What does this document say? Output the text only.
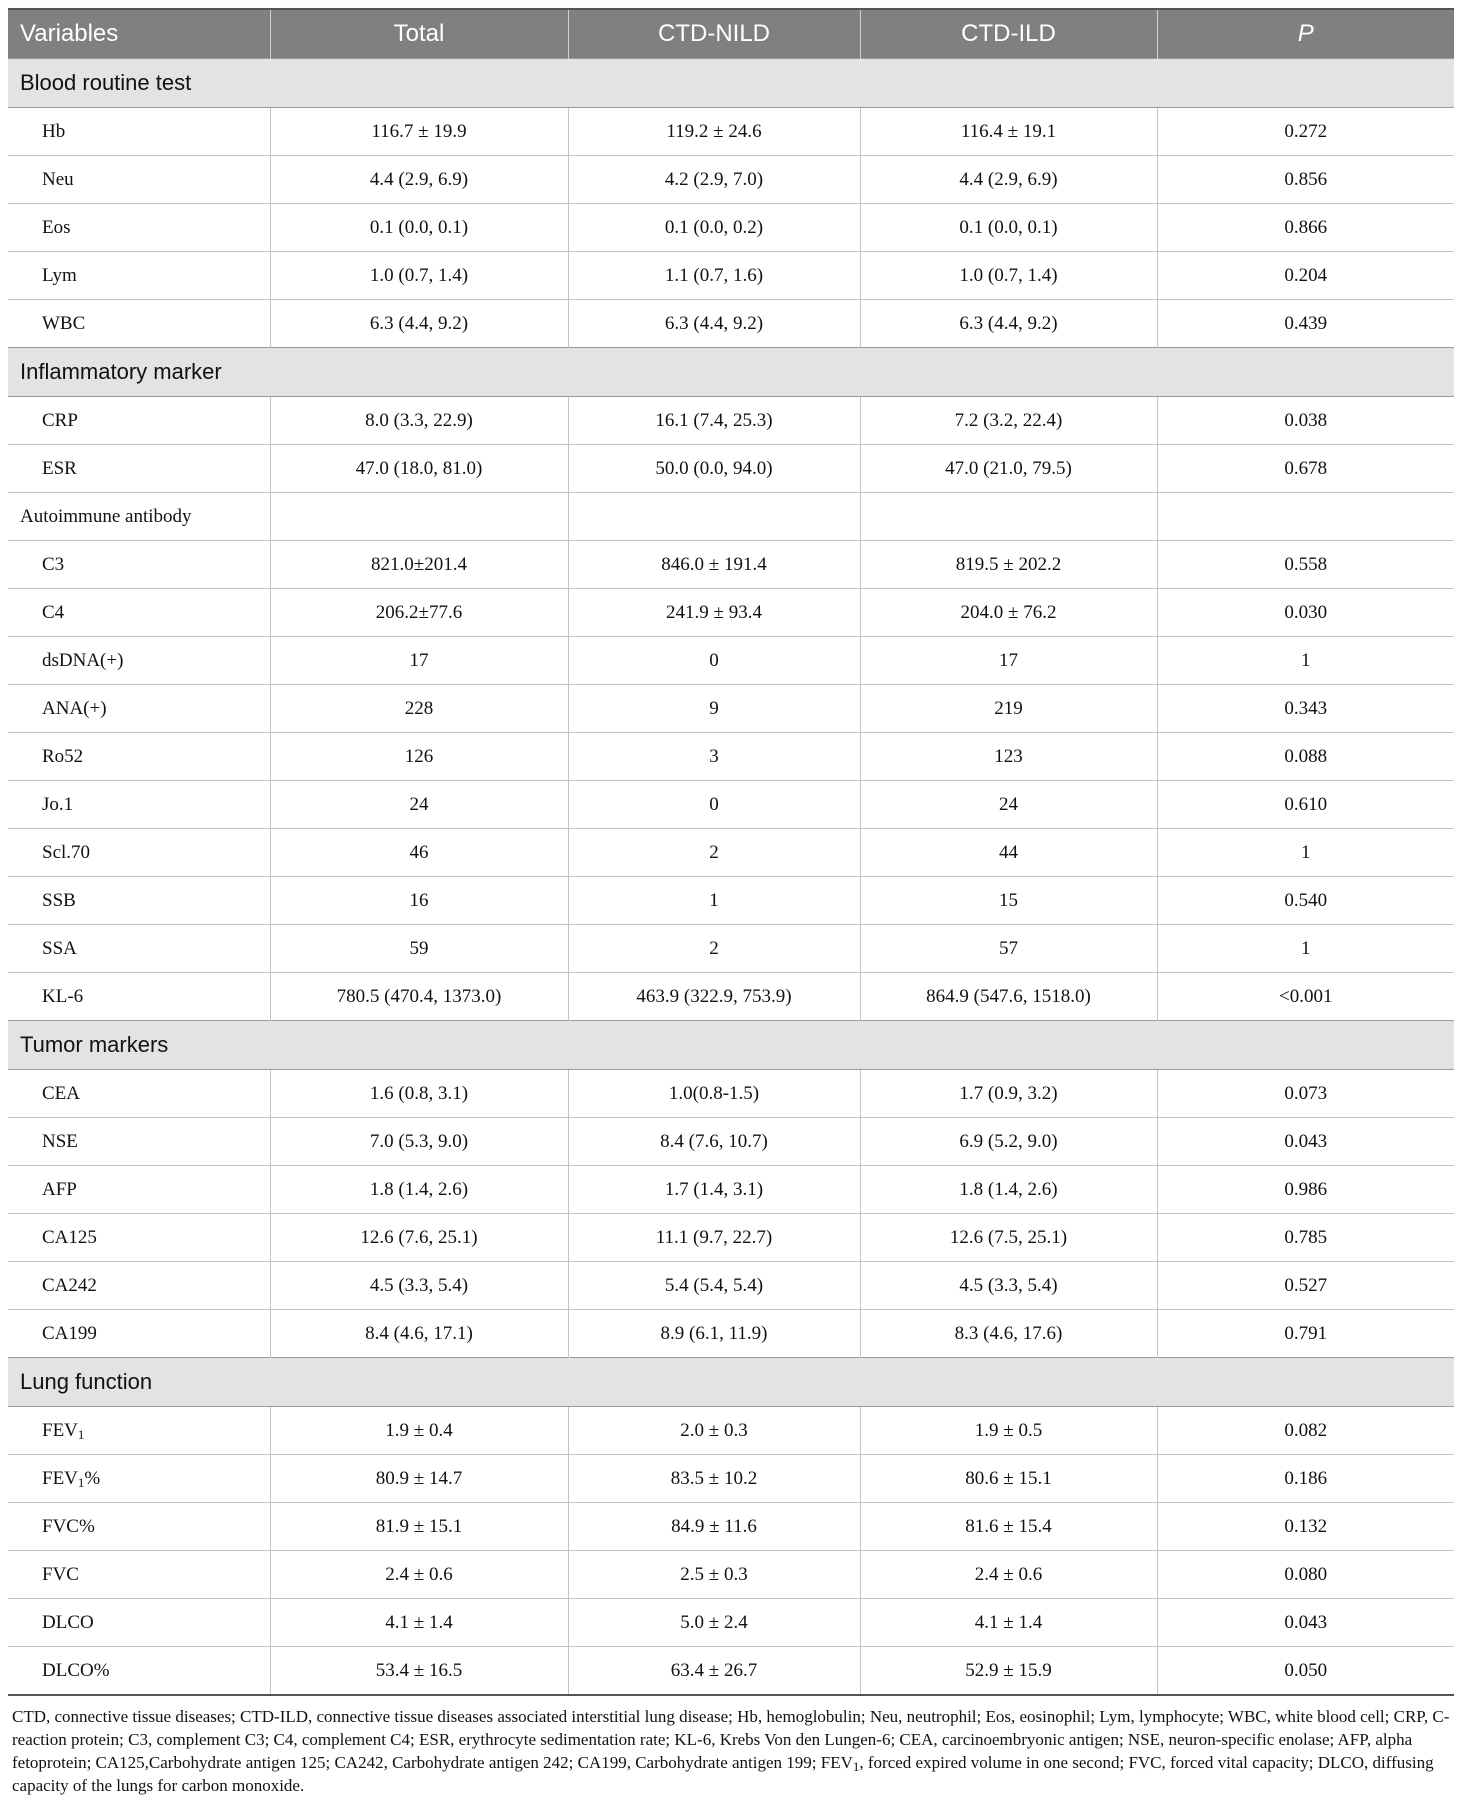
Variables	Total	CTD-NILD	CTD-ILD	P
Blood routine test				
Hb	116.7 ± 19.9	119.2 ± 24.6	116.4 ± 19.1	0.272
Neu	4.4 (2.9, 6.9)	4.2 (2.9, 7.0)	4.4 (2.9, 6.9)	0.856
Eos	0.1 (0.0, 0.1)	0.1 (0.0, 0.2)	0.1 (0.0, 0.1)	0.866
Lym	1.0 (0.7, 1.4)	1.1 (0.7, 1.6)	1.0 (0.7, 1.4)	0.204
WBC	6.3 (4.4, 9.2)	6.3 (4.4, 9.2)	6.3 (4.4, 9.2)	0.439
Inflammatory marker				
CRP	8.0 (3.3, 22.9)	16.1 (7.4, 25.3)	7.2 (3.2, 22.4)	0.038
ESR	47.0 (18.0, 81.0)	50.0 (0.0, 94.0)	47.0 (21.0, 79.5)	0.678
Autoimmune antibody				
C3	821.0±201.4	846.0 ± 191.4	819.5 ± 202.2	0.558
C4	206.2±77.6	241.9 ± 93.4	204.0 ± 76.2	0.030
dsDNA(+)	17	0	17	1
ANA(+)	228	9	219	0.343
Ro52	126	3	123	0.088
Jo.1	24	0	24	0.610
Scl.70	46	2	44	1
SSB	16	1	15	0.540
SSA	59	2	57	1
KL-6	780.5 (470.4, 1373.0)	463.9 (322.9, 753.9)	864.9 (547.6, 1518.0)	<0.001
Tumor markers				
CEA	1.6 (0.8, 3.1)	1.0(0.8-1.5)	1.7 (0.9, 3.2)	0.073
NSE	7.0 (5.3, 9.0)	8.4 (7.6, 10.7)	6.9 (5.2, 9.0)	0.043
AFP	1.8 (1.4, 2.6)	1.7 (1.4, 3.1)	1.8 (1.4, 2.6)	0.986
CA125	12.6 (7.6, 25.1)	11.1 (9.7, 22.7)	12.6 (7.5, 25.1)	0.785
CA242	4.5 (3.3, 5.4)	5.4 (5.4, 5.4)	4.5 (3.3, 5.4)	0.527
CA199	8.4 (4.6, 17.1)	8.9 (6.1, 11.9)	8.3 (4.6, 17.6)	0.791
Lung function				
$FEV_1$	1.9 ± 0.4	2.0 ± 0.3	1.9 ± 0.5	0.082
$FEV_1\%$	80.9 ± 14.7	83.5 ± 10.2	80.6 ± 15.1	0.186
FVC%	81.9 ± 15.1	84.9 ± 11.6	81.6 ± 15.4	0.132
FVC	2.4 ± 0.6	2.5 ± 0.3	2.4 ± 0.6	0.080
DLCO	4.1 ± 1.4	5.0 ± 2.4	4.1 ± 1.4	0.043
DLCO%	53.4 ± 16.5	63.4 ± 26.7	52.9 ± 15.9	0.050

CTD, connective tissue diseases; CTD-ILD, connective tissue diseases associated interstitial lung disease; Hb, hemoglobulin; Neu, neutrophil; Eos, eosinophil; Lym, lymphocyte; WBC, white blood cell; CRP, C-reaction protein; C3, complement C3; C4, complement C4; ESR, erythrocyte sedimentation rate; KL-6, Krebs Von den Lungen-6; CEA, carcinoembryonic antigen; NSE, neuron-specific enolase; AFP, alpha fetoprotein; CA125,Carbohydrate antigen 125; CA242, Carbohydrate antigen 242; CA199, Carbohydrate antigen 199; $FEV_1$, forced expired volume in one second; FVC, forced vital capacity; DLCO, diffusing capacity of the lungs for carbon monoxide.
